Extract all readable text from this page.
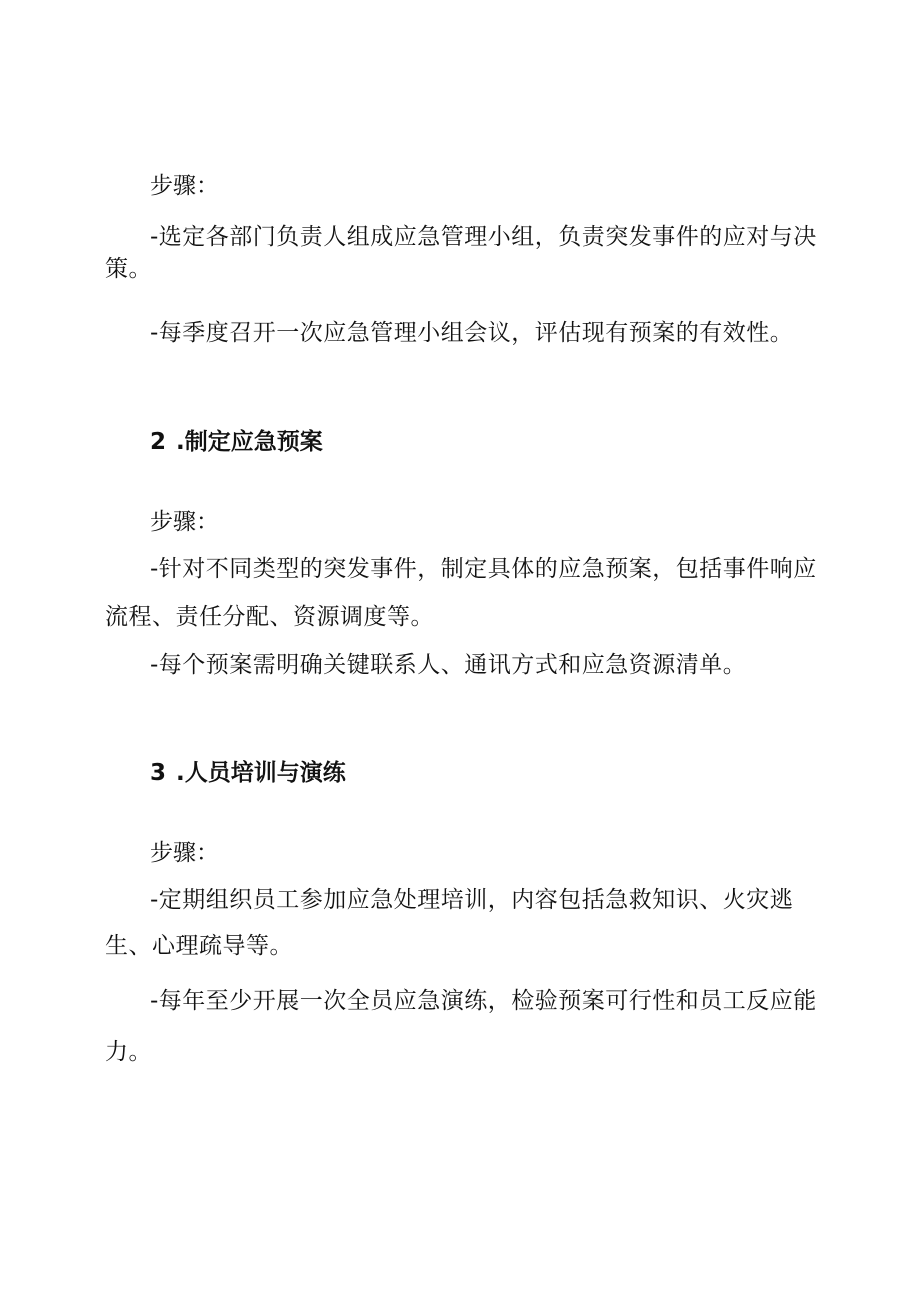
步骤：
-选定各部门负责人组成应急管理小组，负责突发事件的应对与决
策。
-每季度召开一次应急管理小组会议，评估现有预案的有效性。
2 .制定应急预案
步骤：
-针对不同类型的突发事件，制定具体的应急预案，包括事件响应
流程、责任分配、资源调度等。
-每个预案需明确关键联系人、通讯方式和应急资源清单。
3 .人员培训与演练
步骤：
-定期组织员工参加应急处理培训，内容包括急救知识、火灾逃
生、心理疏导等。
-每年至少开展一次全员应急演练，检验预案可行性和员工反应能
力。
